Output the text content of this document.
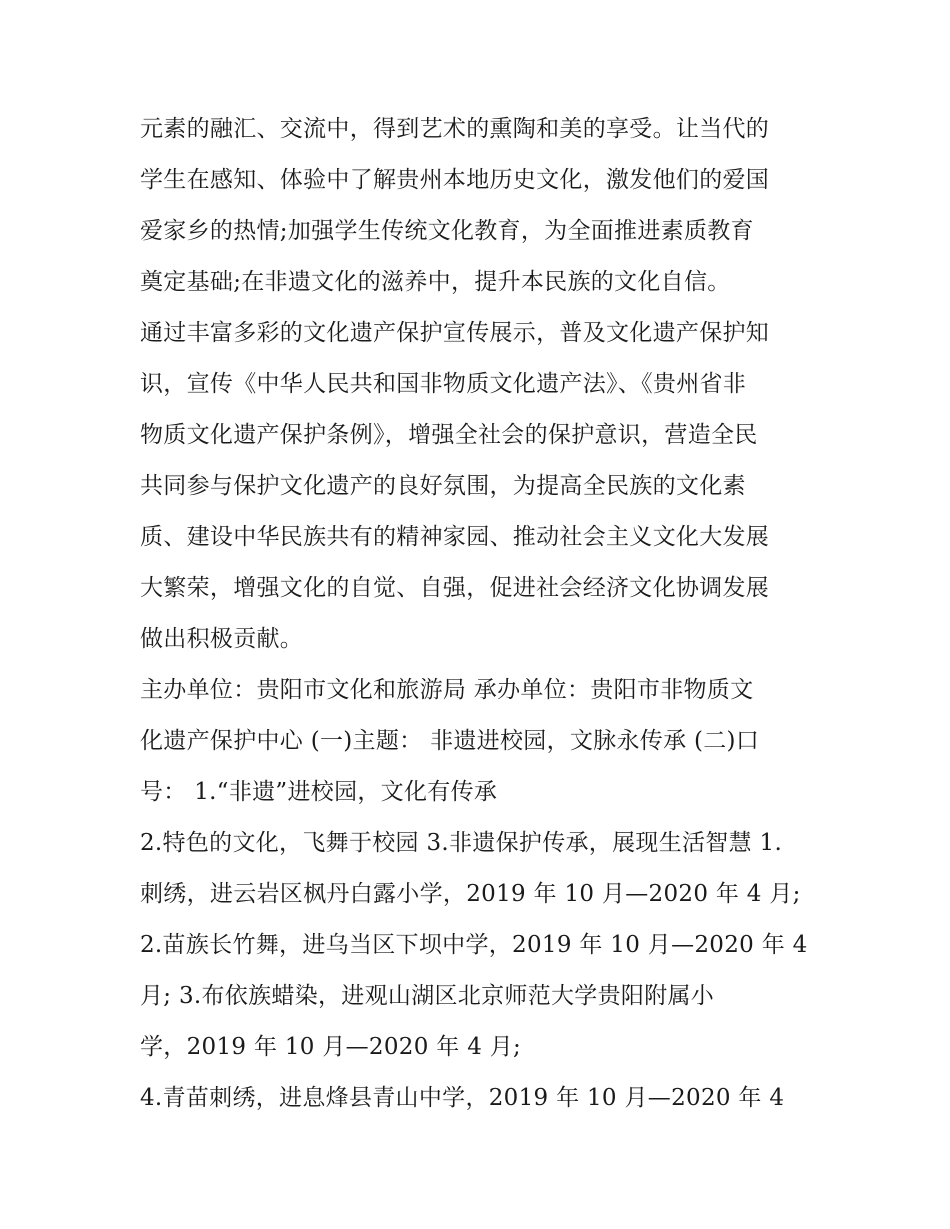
元素的融汇、交流中，得到艺术的熏陶和美的享受。让当代的
学生在感知、体验中了解贵州本地历史文化，激发他们的爱国
爱家乡的热情;加强学生传统文化教育，为全面推进素质教育
奠定基础;在非遗文化的滋养中，提升本民族的文化自信。
通过丰富多彩的文化遗产保护宣传展示，普及文化遗产保护知
识，宣传《中华人民共和国非物质文化遗产法》、《贵州省非
物质文化遗产保护条例》，增强全社会的保护意识，营造全民
共同参与保护文化遗产的良好氛围，为提高全民族的文化素
质、建设中华民族共有的精神家园、推动社会主义文化大发展
大繁荣，增强文化的自觉、自强，促进社会经济文化协调发展
做出积极贡献。
主办单位：贵阳市文化和旅游局 承办单位：贵阳市非物质文
化遗产保护中心 (一)主题： 非遗进校园，文脉永传承 (二)口
号： 1.“非遗”进校园，文化有传承
2.特色的文化，飞舞于校园 3.非遗保护传承，展现生活智慧 1.
刺绣，进云岩区枫丹白露小学，2019 年 10 月—2020 年 4 月;
2.苗族长竹舞，进乌当区下坝中学，2019 年 10 月—2020 年 4
月; 3.布依族蜡染，进观山湖区北京师范大学贵阳附属小
学，2019 年 10 月—2020 年 4 月;
4.青苗刺绣，进息烽县青山中学，2019 年 10 月—2020 年 4
